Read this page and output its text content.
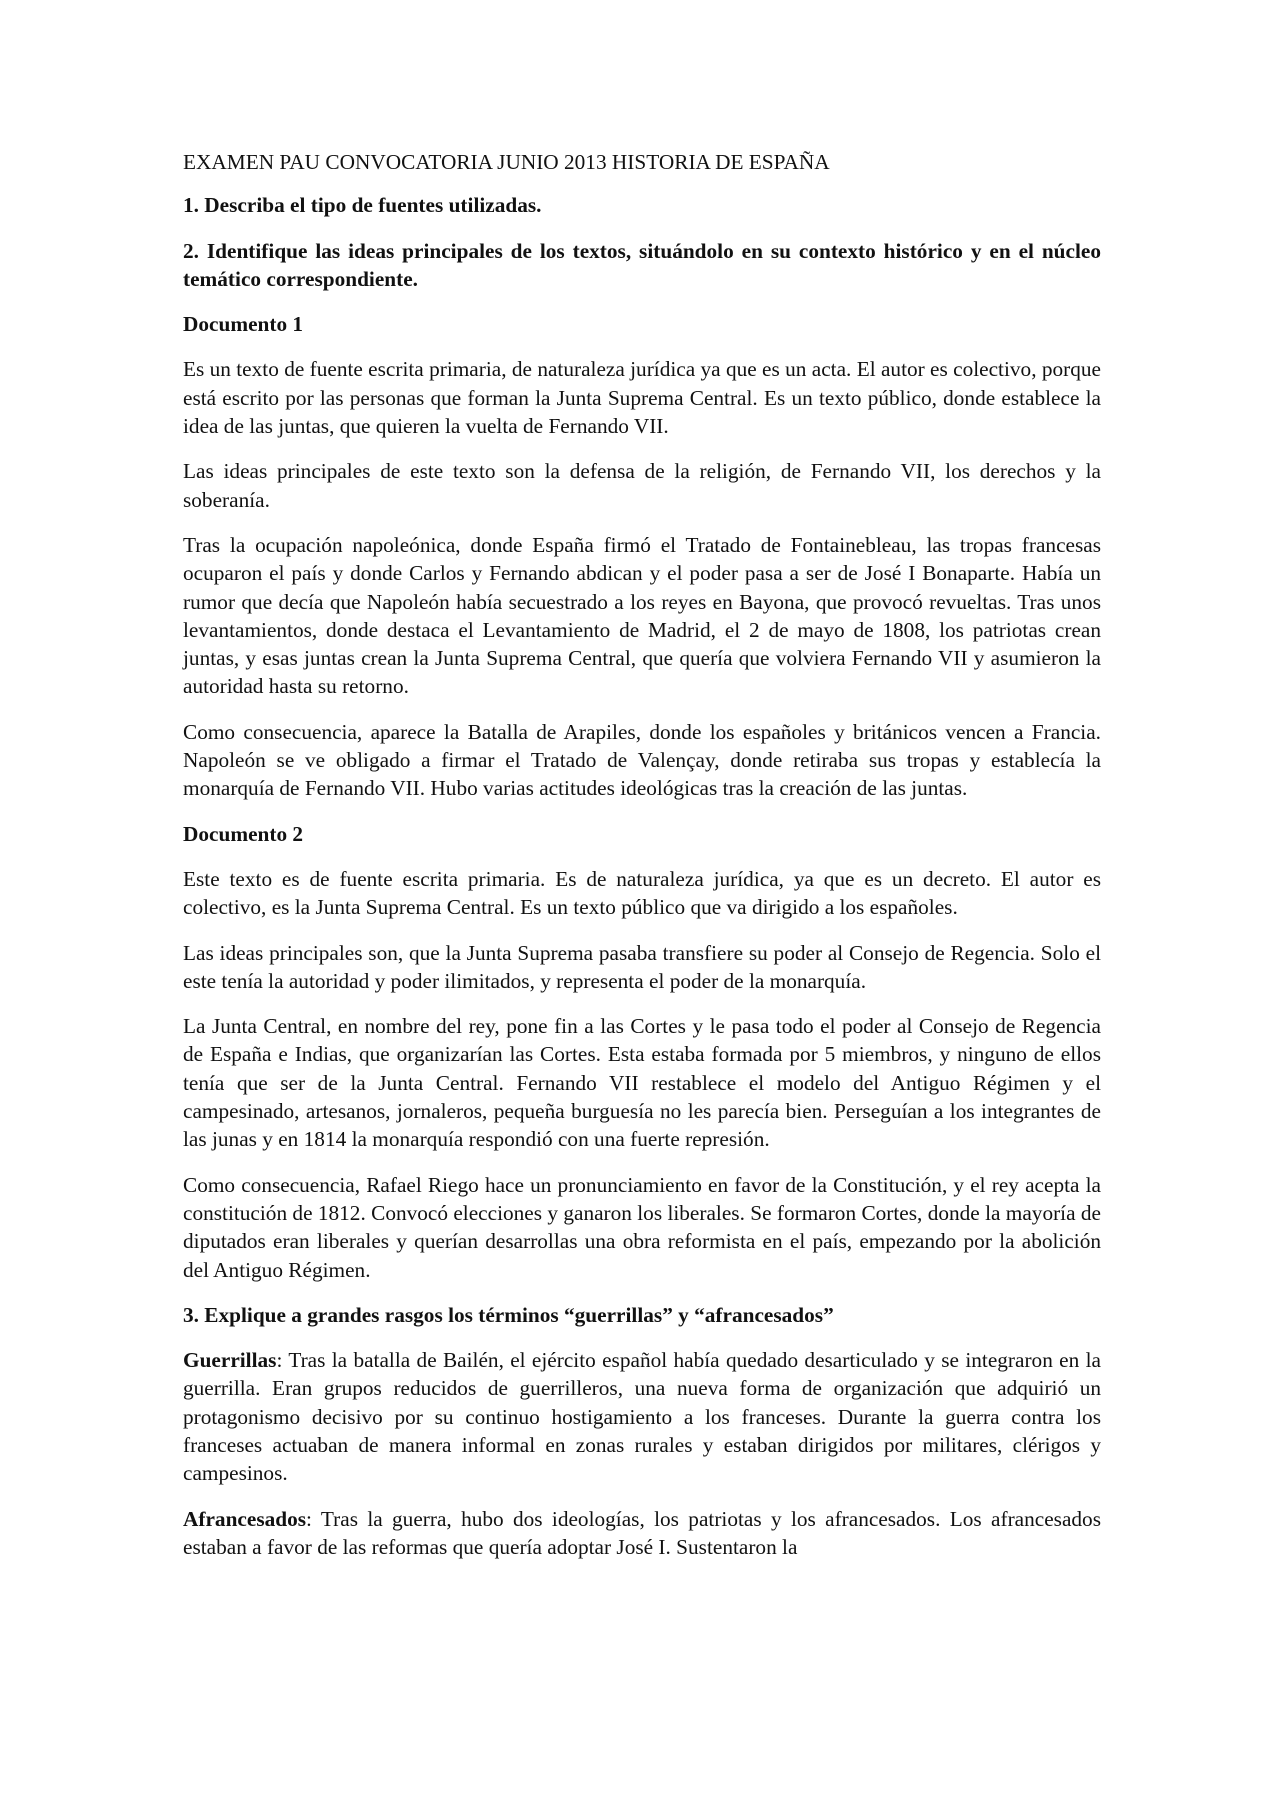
EXAMEN PAU CONVOCATORIA JUNIO 2013 HISTORIA DE ESPAÑA

1. Describa el tipo de fuentes utilizadas.

2. Identifique las ideas principales de los textos, situándolo en su contexto histórico y en el núcleo temático correspondiente.

Documento 1

Es un texto de fuente escrita primaria, de naturaleza jurídica ya que es un acta. El autor es colectivo, porque está escrito por las personas que forman la Junta Suprema Central. Es un texto público, donde establece la idea de las juntas, que quieren la vuelta de Fernando VII.

Las ideas principales de este texto son la defensa de la religión, de Fernando VII, los derechos y la soberanía.

Tras la ocupación napoleónica, donde España firmó el Tratado de Fontainebleau, las tropas francesas ocuparon el país y donde Carlos y Fernando abdican y el poder pasa a ser de José I Bonaparte. Había un rumor que decía que Napoleón había secuestrado a los reyes en Bayona, que provocó revueltas. Tras unos levantamientos, donde destaca el Levantamiento de Madrid, el 2 de mayo de 1808, los patriotas crean juntas, y esas juntas crean la Junta Suprema Central, que quería que volviera Fernando VII y asumieron la autoridad hasta su retorno.

Como consecuencia, aparece la Batalla de Arapiles, donde los españoles y británicos vencen a Francia. Napoleón se ve obligado a firmar el Tratado de Valençay, donde retiraba sus tropas y establecía la monarquía de Fernando VII. Hubo varias actitudes ideológicas tras la creación de las juntas.

Documento 2

Este texto es de fuente escrita primaria. Es de naturaleza jurídica, ya que es un decreto. El autor es colectivo, es la Junta Suprema Central. Es un texto público que va dirigido a los españoles.

Las ideas principales son, que la Junta Suprema pasaba transfiere su poder al Consejo de Regencia. Solo el este tenía la autoridad y poder ilimitados, y representa el poder de la monarquía.

La Junta Central, en nombre del rey, pone fin a las Cortes y le pasa todo el poder al Consejo de Regencia de España e Indias, que organizarían las Cortes. Esta estaba formada por 5 miembros, y ninguno de ellos tenía que ser de la Junta Central. Fernando VII restablece el modelo del Antiguo Régimen y el campesinado, artesanos, jornaleros, pequeña burguesía no les parecía bien. Perseguían a los integrantes de las junas y en 1814 la monarquía respondió con una fuerte represión.

Como consecuencia, Rafael Riego hace un pronunciamiento en favor de la Constitución, y el rey acepta la constitución de 1812. Convocó elecciones y ganaron los liberales. Se formaron Cortes, donde la mayoría de diputados eran liberales y querían desarrollas una obra reformista en el país, empezando por la abolición del Antiguo Régimen.

3. Explique a grandes rasgos los términos “guerrillas” y “afrancesados”

Guerrillas: Tras la batalla de Bailén, el ejército español había quedado desarticulado y se integraron en la guerrilla. Eran grupos reducidos de guerrilleros, una nueva forma de organización que adquirió un protagonismo decisivo por su continuo hostigamiento a los franceses. Durante la guerra contra los franceses actuaban de manera informal en zonas rurales y estaban dirigidos por militares, clérigos y campesinos.

Afrancesados: Tras la guerra, hubo dos ideologías, los patriotas y los afrancesados. Los afrancesados estaban a favor de las reformas que quería adoptar José I. Sustentaron la
